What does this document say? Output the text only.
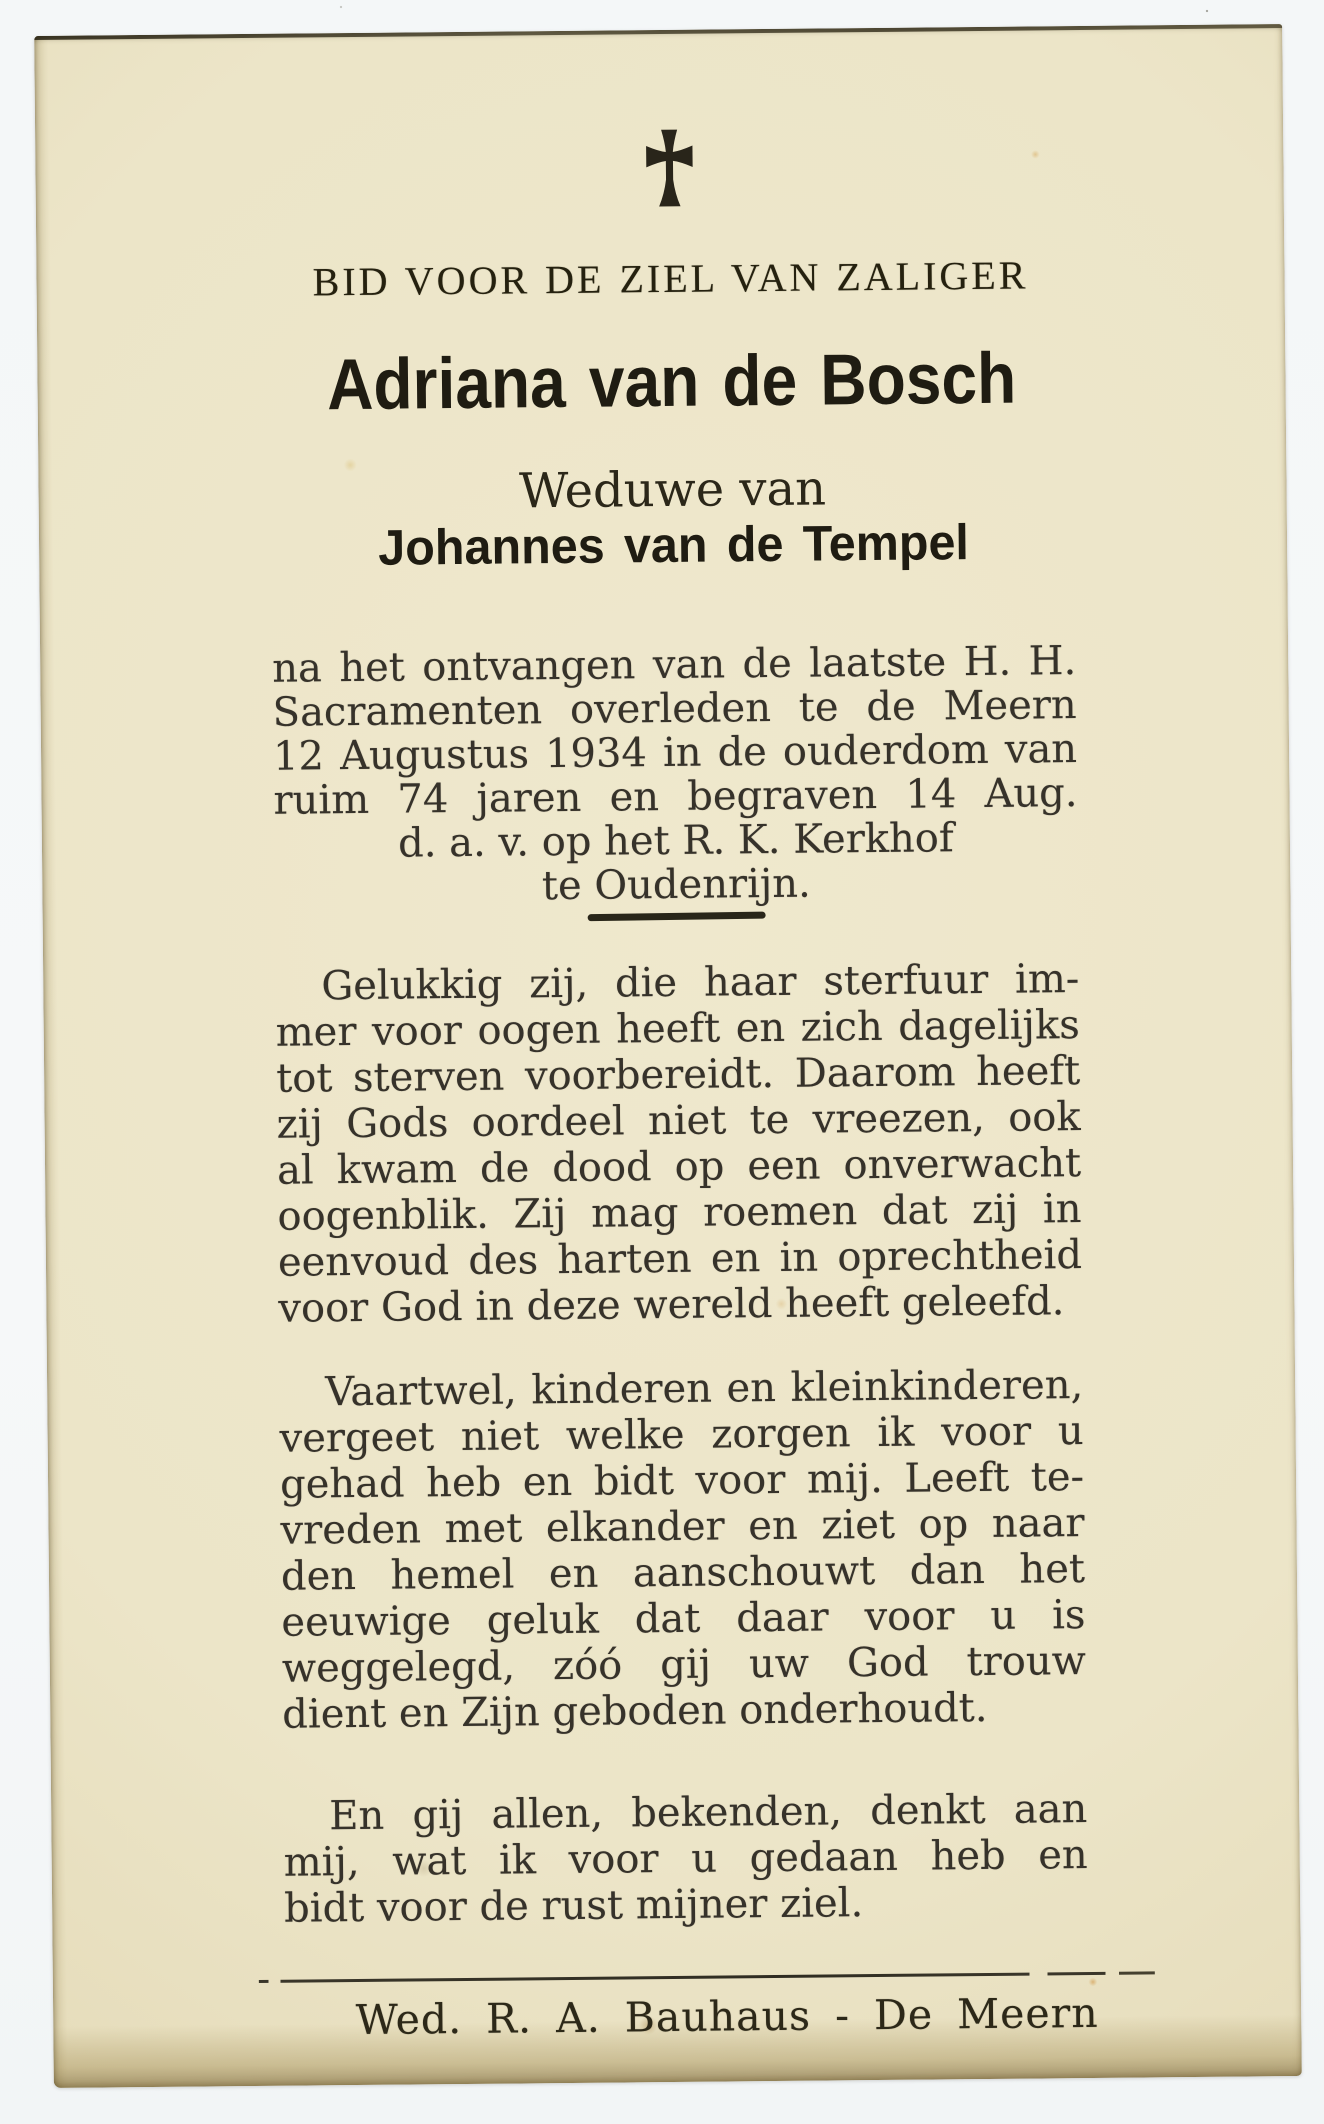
BID VOOR DE ZIEL VAN ZALIGER
Adriana van de Bosch
Weduwe van
Johannes van de Tempel
na het ontvangen van de laatste H. H.
Sacramenten overleden te de Meern
12 Augustus 1934 in de ouderdom van
ruim 74 jaren en begraven 14 Aug.
d. a. v. op het R. K. Kerkhof
te Oudenrijn.
Gelukkig zij, die haar sterfuur im-
mer voor oogen heeft en zich dagelijks
tot sterven voorbereidt. Daarom heeft
zij Gods oordeel niet te vreezen, ook
al kwam de dood op een onverwacht
oogenblik. Zij mag roemen dat zij in
eenvoud des harten en in oprechtheid
voor God in deze wereld heeft geleefd.
Vaartwel, kinderen en kleinkinderen,
vergeet niet welke zorgen ik voor u
gehad heb en bidt voor mij. Leeft te-
vreden met elkander en ziet op naar
den hemel en aanschouwt dan het
eeuwige geluk dat daar voor u is
weggelegd, zóó gij uw God trouw
dient en Zijn geboden onderhoudt.
En gij allen, bekenden, denkt aan
mij, wat ik voor u gedaan heb en
bidt voor de rust mijner ziel.
Wed. R. A. Bauhaus - De Meern
